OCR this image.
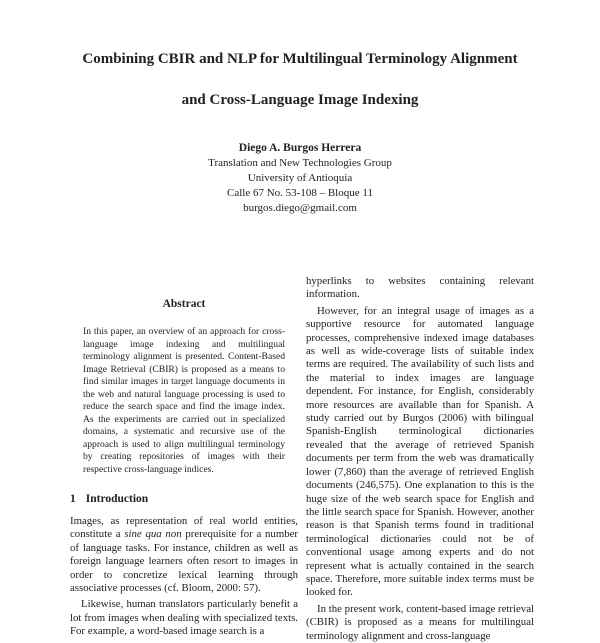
Combining CBIR and NLP for Multilingual Terminology Alignment
and Cross-Language Image Indexing
Diego A. Burgos Herrera
Translation and New Technologies Group
University of Antioquia
Calle 67 No. 53-108 – Bloque 11
burgos.diego@gmail.com
Abstract

In this paper, an overview of an approach for cross-language image indexing and multilingual terminology alignment is presented. Content-Based Image Retrieval (CBIR) is proposed as a means to find similar images in target language documents in the web and natural language processing is used to reduce the search space and find the image index. As the experiments are carried out in specialized domains, a systematic and recursive use of the approach is used to align multilingual terminology by creating repositories of images with their respective cross-language indices.

1 Introduction

Images, as representation of real world entities, constitute a sine qua non prerequisite for a number of language tasks. For instance, children as well as foreign language learners often resort to images in order to concretize lexical learning through associative processes (cf. Bloom, 2000: 57).

Likewise, human translators particularly benefit a lot from images when dealing with specialized texts. For example, a word-based image search is a

hyperlinks to websites containing relevant information.

However, for an integral usage of images as a supportive resource for automated language processes, comprehensive indexed image databases as well as wide-coverage lists of suitable index terms are required. The availability of such lists and the material to index images are language dependent. For instance, for English, considerably more resources are available than for Spanish. A study carried out by Burgos (2006) with bilingual Spanish-English terminological dictionaries revealed that the average of retrieved Spanish documents per term from the web was dramatically lower (7,860) than the average of retrieved English documents (246,575). One explanation to this is the huge size of the web search space for English and the little search space for Spanish. However, another reason is that Spanish terms found in traditional terminological dictionaries could not be of conventional usage among experts and do not represent what is actually contained in the search space. Therefore, more suitable index terms must be looked for.

In the present work, content-based image retrieval (CBIR) is proposed as a means for multilingual terminology alignment and cross-language
